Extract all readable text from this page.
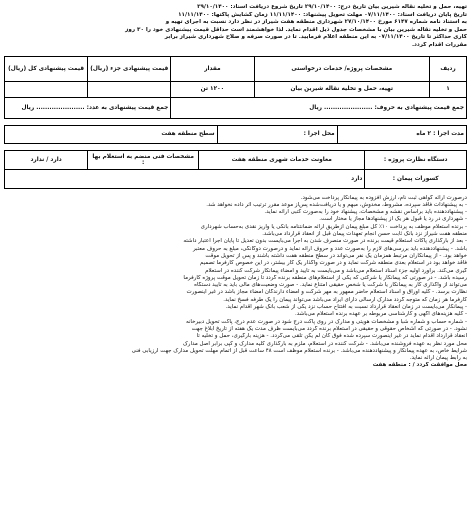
تهیه، حمل و تخلیه نقاله شیرین بیان تاریخ درج: ۲۹/۱۰/۱۴۰۰ تاریخ شروع دریافت اسناد: ۲۹/۱۰/۱۴۰۰
تاریخ پایان دریافت اسناد: ۰۷/۱۱/۱۴۰۰ مهلت تحویل پیشنهاد: ۱۱/۱۱/۱۴۰۰ زمان گشایش پاکتها: ۱۱/۱۱/۱۴۰۰
به استناد نامه شماره ۶۱۴۷ مورخ ۲۷/۱۰/۱۴۰۰ شهرداری منطقه هفت شیراز در نظر دارد نسبت به اجرای تهیه و
حمل و تخلیه نقاله شیرین بیان با مشخصات جدول ذیل اقدام نماید. لذا خواهشمند است حداقل قیمت پیشنهادی خود را ۳۰ روز
کاری حداکثر تا تاریخ ۰۷/۱۱/۱۴۰۰ به این منطقه اعلام فرمایید. تا در صورت صرفه و صلاح شهرداری شیراز برابر
مقررات اقدام گردد.
ردیف	مشخصات پروژه/ خدمات درخواستی	مقدار	قیمت پیشنهادی جزء (ریال)	قیمت پیشنهادی کل (ریال)
۱	تهیه، حمل و تخلیه نقاله شیرین بیان	۱۲۰۰ تن		
جمع قیمت پیشنهادی به حروف: ...................... ریال			جمع قیمت پیشنهادی به عدد: ...................... ریال	
مدت اجرا : ۲ ماه	محل اجرا :	سطح منطقه هفت
دستگاه نظارت پروژه :	معاونت خدمات شهری منطقه هفت	مشخصات فنی منضم به استعلام بها :	دارد / ندارد
کسورات پیمان :	دارد		
درصورت ارائه گواهی ثبت نام، ارزش افزوده به پیمانکار پرداخت می‌شود.
- به پیشنهادات فاقد سپرده، مشروط، مخدوش، مبهم و یا دریافت‌شده پس‌از موعد مقرر ترتیب اثر داده نخواهد شد.
- پیشنهاددهنده باید براساس نقشه و مشخصات، پیشنهاد خود را به‌صورت کتبی ارائه نماید.
- شهرداری در رد یا قبول هر یک از پیشنهادها مجاز یا مختار است.
- برنده استعلام موظف به پرداخت ۱۰٪ کل مبلغ پیمان ازطریق ارائه ضمانتنامه بانکی یا واریز نقدی به‌حساب شهرداری
منطقه هفت شیراز نزد بانک ثابت حسن انجام تعهدات پیمان قبل از انعقاد قرارداد می‌باشد.
- بعد از بارگذاری پاکات استعلام قیمت برنده در صورت منصرف شدن به اجرا می‌بایست بدون تعدیل تا پایان اجرا اعتبار داشته
باشد. - پیشنهاددهنده باید بررسی‌های لازم را به‌صورت عدد و حروف ارائه نماید و درصورت دوگانگی، مبلغ به حروف معتبر
خواهد بود. - از پیمانکاران مرتبط همزمان یک نفر می‌تواند در سطح منطقه هفت داشته باشند و پس از تحویل موقت
فاقد خواهد بود در استعلام بعدی منطقه شرکت نماید و در صورت واگذار یک کار بیشتر، در این خصوص کارفرما تصمیم
گیری می‌کند. برآورد اولیه جزء اسناد استعلام می‌باشد و می‌بایست به تأیید و امضاء پیمانکار شرکت کننده در استعلام
رسیده باشد. - در صورتی که پیمانکار یا شرکتی که یکی از استعلام‌های منطقه برنده گردد تا زمان تحویل موقت پروژه کارفرما
می‌تواند از واگذاری کار به پیمانکار یا شرکت یا شخص حقیقی امتناع نماید. - صورت وضعیت‌های مالی باید به تأیید دستگاه
نظارت برسد. - کلیه اوراق و اسناد استعلام حاضر ممهور به مهر شرکت و امضاء دارندگان امضاء مجاز باشد در غیر اینصورت
کارفرما هر زمان که متوجه گردد مدارک ارسالی دارای ایراد می‌باشد می‌تواند پیمان را یک طرفه فسخ نماید.
- پیمانکار می‌بایست در زمان انعقاد قرارداد نسبت به افتتاح حساب نزد یکی از شعب بانک شهر اقدام نماید.
- کلیه هزینه‌های آگهی و کارشناسی مربوطه بر عهده برنده استعلام می‌باشد.
- شماره حساب و شماره شبا و مشخصات هویتی و مدارک در روی پاکت درج شود در صورت عدم درج، پاکت تحویل دبیرخانه
نشود. - در صورتی که اشخاص حقوقی و حقیقی در استعلام برنده گردد می‌بایست ظرف مدت یک هفته از تاریخ ابلاغ جهت
انعقاد قرارداد اقدام نماید در غیر اینصورت سپرده شده فوق کان لم یکن تلقی می‌گردد. - هزینه بارگیری، حمل و تخلیه تا
محل مورد نظر به عهده فروشنده می‌باشد. - شرکت کننده در استعلام، ملزم به بارگذاری کلیه مدارک و کپی برابر اصل مدارک
شرایط خاص، به عهده پیمانکار و پیشنهاددهنده می‌باشد. - برنده استعلام موظف است ۴۸ ساعت قبل از اتمام مهلت تحویل مدارک جهت ارزیابی فنی
به رابط پیمان ارائه نماید.
محل موافقت گردد / : منطقه هفت
